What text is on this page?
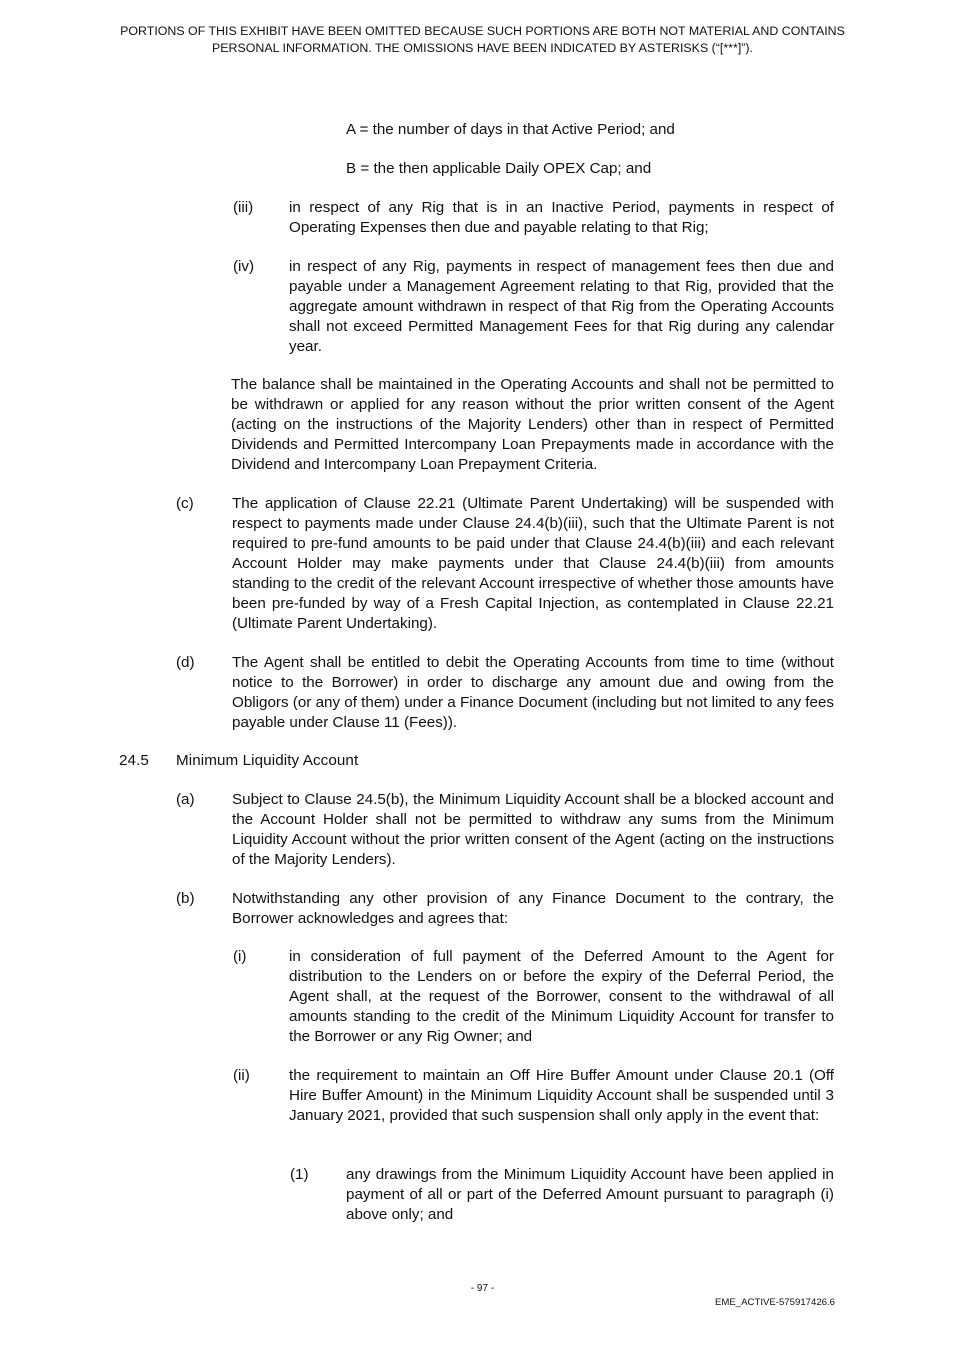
PORTIONS OF THIS EXHIBIT HAVE BEEN OMITTED BECAUSE SUCH PORTIONS ARE BOTH NOT MATERIAL AND CONTAINS PERSONAL INFORMATION. THE OMISSIONS HAVE BEEN INDICATED BY ASTERISKS (“[***]”).
A = the number of days in that Active Period; and
B = the then applicable Daily OPEX Cap; and
(iii) in respect of any Rig that is in an Inactive Period, payments in respect of Operating Expenses then due and payable relating to that Rig;
(iv) in respect of any Rig, payments in respect of management fees then due and payable under a Management Agreement relating to that Rig, provided that the aggregate amount withdrawn in respect of that Rig from the Operating Accounts shall not exceed Permitted Management Fees for that Rig during any calendar year.
The balance shall be maintained in the Operating Accounts and shall not be permitted to be withdrawn or applied for any reason without the prior written consent of the Agent (acting on the instructions of the Majority Lenders) other than in respect of Permitted Dividends and Permitted Intercompany Loan Prepayments made in accordance with the Dividend and Intercompany Loan Prepayment Criteria.
(c)	The application of Clause 22.21 (Ultimate Parent Undertaking) will be suspended with respect to payments made under Clause 24.4(b)(iii), such that the Ultimate Parent is not required to pre-fund amounts to be paid under that Clause 24.4(b)(iii) and each relevant Account Holder may make payments under that Clause 24.4(b)(iii) from amounts standing to the credit of the relevant Account irrespective of whether those amounts have been pre-funded by way of a Fresh Capital Injection, as contemplated in Clause 22.21 (Ultimate Parent Undertaking).
(d) The Agent shall be entitled to debit the Operating Accounts from time to time (without notice to the Borrower) in order to discharge any amount due and owing from the Obligors (or any of them) under a Finance Document (including but not limited to any fees payable under Clause 11 (Fees)).
24.5 Minimum Liquidity Account
(a) Subject to Clause 24.5(b), the Minimum Liquidity Account shall be a blocked account and the Account Holder shall not be permitted to withdraw any sums from the Minimum Liquidity Account without the prior written consent of the Agent (acting on the instructions of the Majority Lenders).
(b) Notwithstanding any other provision of any Finance Document to the contrary, the Borrower acknowledges and agrees that:
(i)	in consideration of full payment of the Deferred Amount to the Agent for distribution to the Lenders on or before the expiry of the Deferral Period, the Agent shall, at the request of the Borrower, consent to the withdrawal of all amounts standing to the credit of the Minimum Liquidity Account for transfer to the Borrower or any Rig Owner; and
(ii)	the requirement to maintain an Off Hire Buffer Amount under Clause 20.1 (Off Hire Buffer Amount) in the Minimum Liquidity Account shall be suspended until 3 January 2021, provided that such suspension shall only apply in the event that:
(1) any drawings from the Minimum Liquidity Account have been applied in payment of all or part of the Deferred Amount pursuant to paragraph (i) above only; and
- 97 -
EME_ACTIVE-575917426.6
